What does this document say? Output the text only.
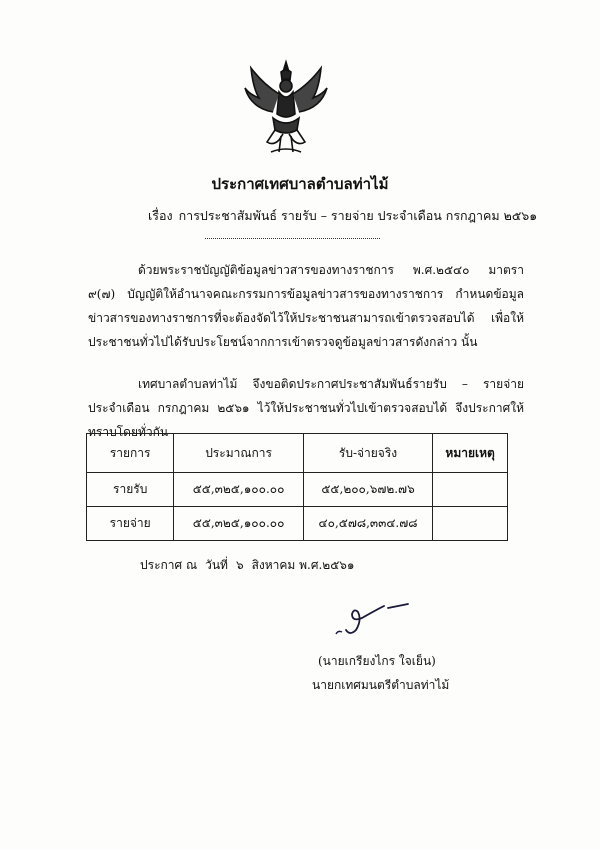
ประกาศเทศบาลตำบลท่าไม้
เรื่อง การประชาสัมพันธ์ รายรับ – รายจ่าย ประจำเดือน กรกฎาคม ๒๕๖๑
ด้วยพระราชบัญญัติข้อมูลข่าวสารของทางราชการ พ.ศ.๒๕๔๐ มาตรา ๙(๗) บัญญัติให้อำนาจคณะกรรมการข้อมูลข่าวสารของทางราชการ กำหนดข้อมูลข่าวสารของทางราชการที่จะต้องจัดไว้ให้ประชาชนสามารถเข้าตรวจสอบได้ เพื่อให้ประชาชนทั่วไปได้รับประโยชน์จากการเข้าตรวจดูข้อมูลข่าวสารดังกล่าว นั้น
เทศบาลตำบลท่าไม้ จึงขอติดประกาศประชาสัมพันธ์รายรับ – รายจ่าย ประจำเดือน กรกฎาคม ๒๕๖๑ ไว้ให้ประชาชนทั่วไปเข้าตรวจสอบได้ จึงประกาศให้ทราบโดยทั่วกัน
รายการ	ประมาณการ	รับ-จ่ายจริง	หมายเหตุ
รายรับ	๕๕,๓๒๕,๑๐๐.๐๐	๕๕,๒๐๐,๖๗๒.๗๖	
รายจ่าย	๕๕,๓๒๕,๑๐๐.๐๐	๔๐,๕๗๘,๓๓๔.๗๘	
ประกาศ ณ วันที่ ๖ สิงหาคม พ.ศ.๒๕๖๑
(นายเกรียงไกร ใจเย็น)
นายกเทศมนตรีตำบลท่าไม้
